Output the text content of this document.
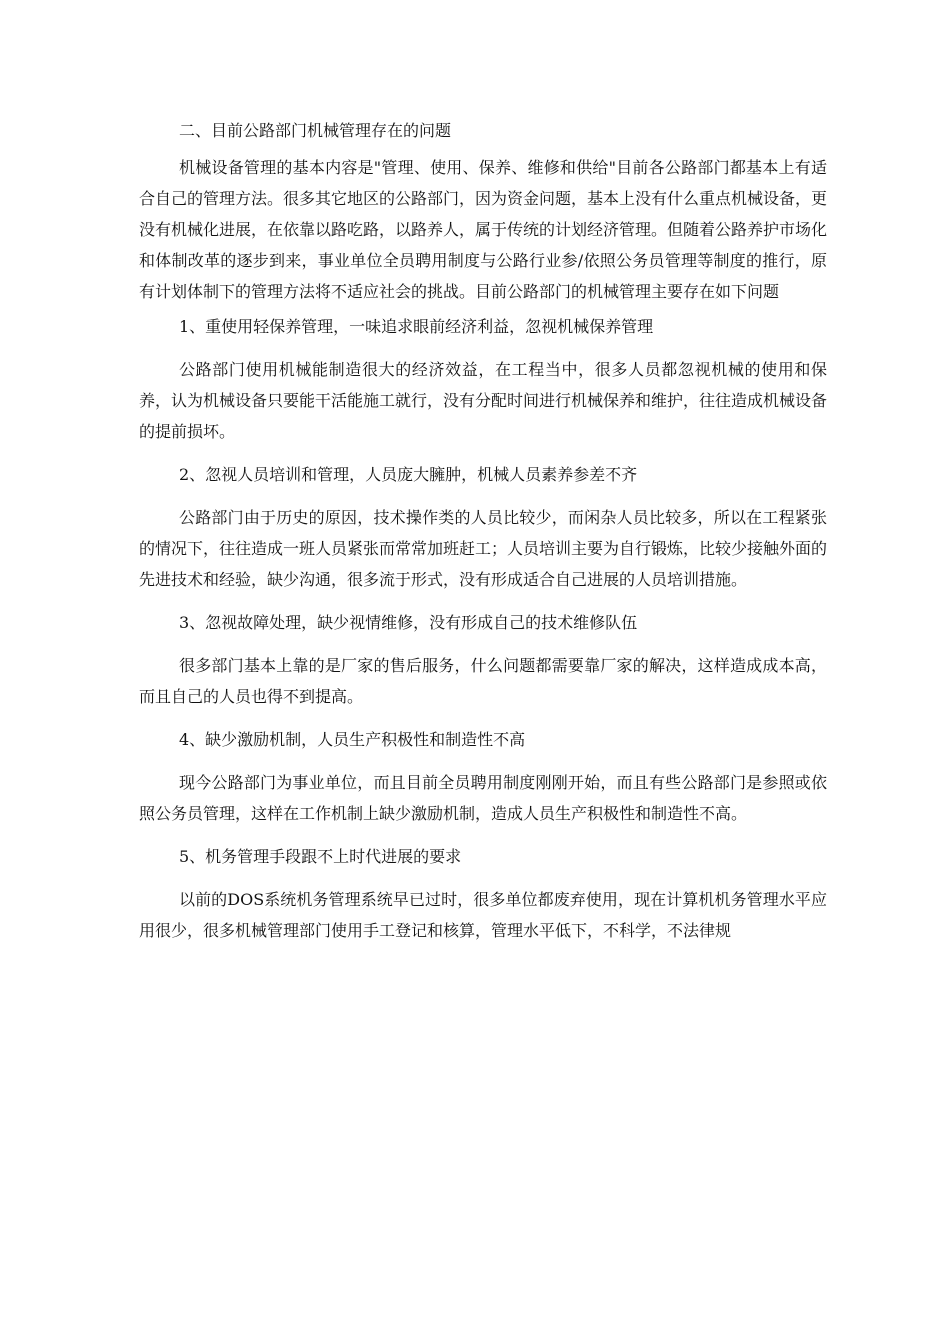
二、目前公路部门机械管理存在的问题

机械设备管理的基本内容是"管理、使用、保养、维修和供给"目前各公路部门都基本上有适合自己的管理方法。很多其它地区的公路部门，因为资金问题，基本上没有什么重点机械设备，更没有机械化进展，在依靠以路吃路，以路养人，属于传统的计划经济管理。但随着公路养护市场化和体制改革的逐步到来，事业单位全员聘用制度与公路行业参/依照公务员管理等制度的推行，原有计划体制下的管理方法将不适应社会的挑战。目前公路部门的机械管理主要存在如下问题

1、重使用轻保养管理，一味追求眼前经济利益，忽视机械保养管理

公路部门使用机械能制造很大的经济效益，在工程当中，很多人员都忽视机械的使用和保养，认为机械设备只要能干活能施工就行，没有分配时间进行机械保养和维护，往往造成机械设备的提前损坏。

2、忽视人员培训和管理，人员庞大臃肿，机械人员素养参差不齐

公路部门由于历史的原因，技术操作类的人员比较少，而闲杂人员比较多，所以在工程紧张的情况下，往往造成一班人员紧张而常常加班赶工；人员培训主要为自行锻炼，比较少接触外面的先进技术和经验，缺少沟通，很多流于形式，没有形成适合自己进展的人员培训措施。

3、忽视故障处理，缺少视情维修，没有形成自己的技术维修队伍

很多部门基本上靠的是厂家的售后服务，什么问题都需要靠厂家的解决，这样造成成本高，而且自己的人员也得不到提高。

4、缺少激励机制，人员生产积极性和制造性不高

现今公路部门为事业单位，而且目前全员聘用制度刚刚开始，而且有些公路部门是参照或依照公务员管理，这样在工作机制上缺少激励机制，造成人员生产积极性和制造性不高。

5、机务管理手段跟不上时代进展的要求

以前的DOS系统机务管理系统早已过时，很多单位都废弃使用，现在计算机机务管理水平应用很少，很多机械管理部门使用手工登记和核算，管理水平低下，不科学，不法律规
